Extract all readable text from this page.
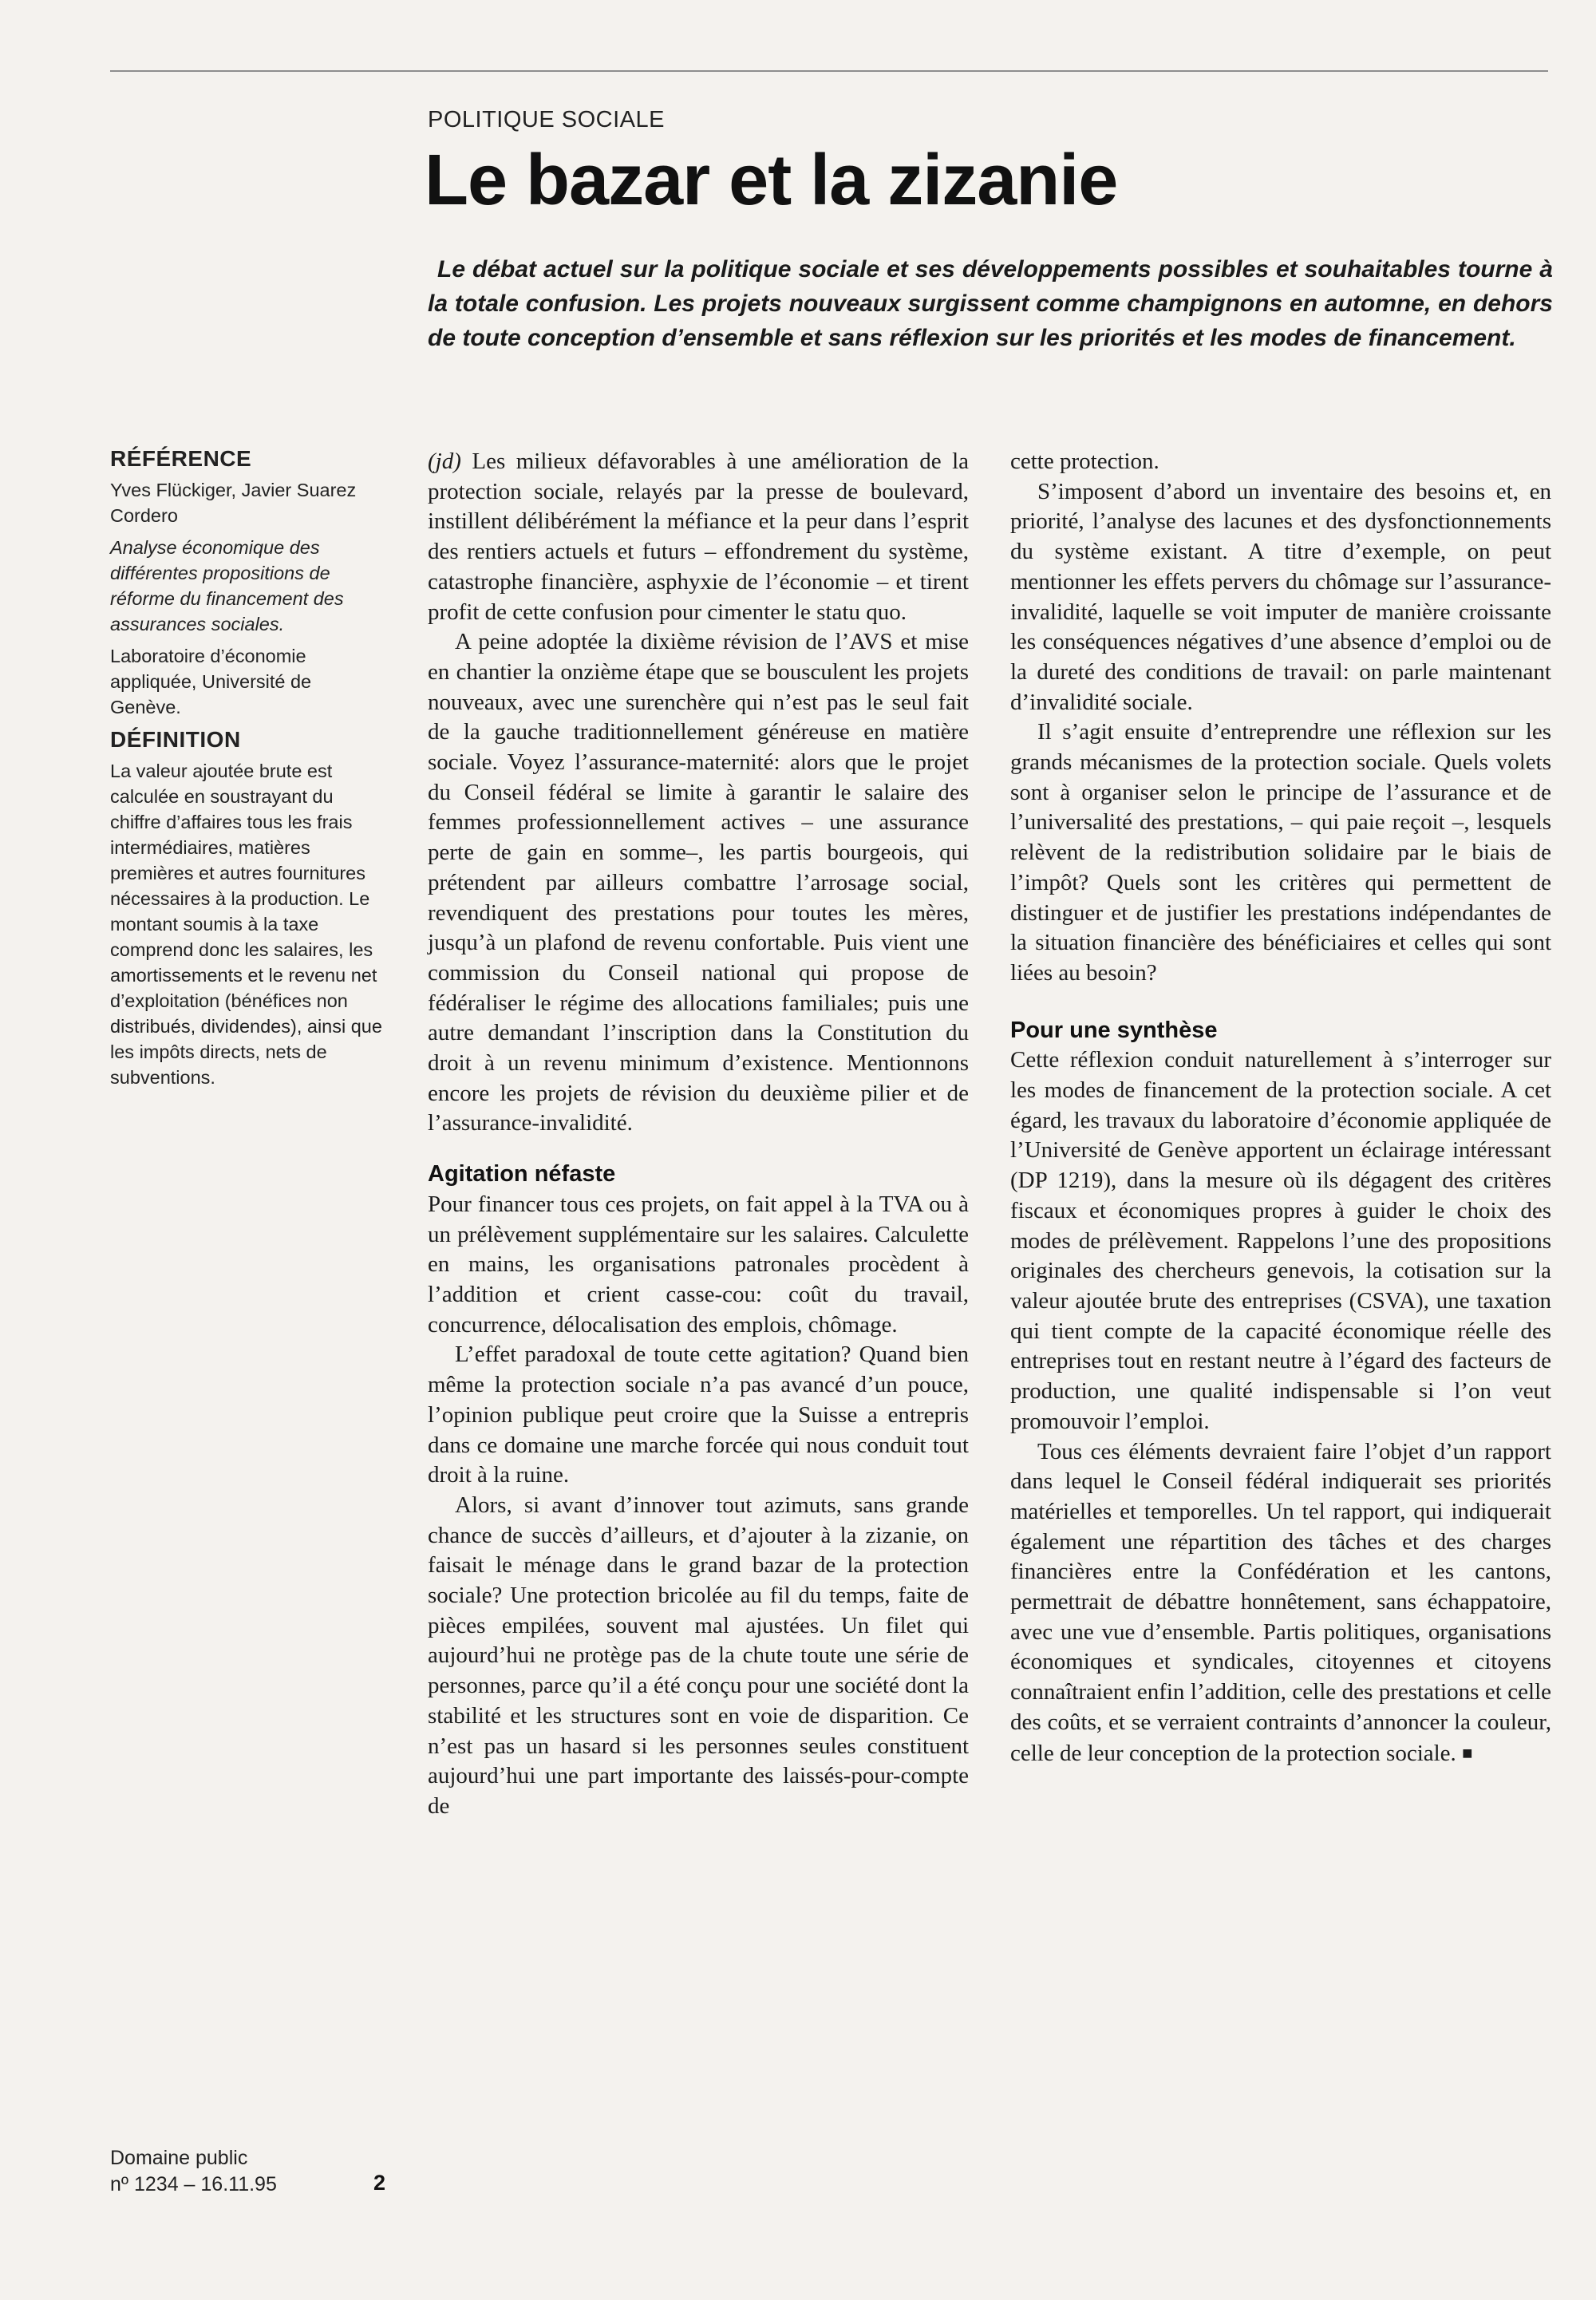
POLITIQUE SOCIALE
Le bazar et la zizanie

Le débat actuel sur la politique sociale et ses développements possibles et souhaitables tourne à la totale confusion. Les projets nouveaux surgissent comme champignons en automne, en dehors de toute conception d’ensemble et sans réflexion sur les priorités et les modes de financement.

RÉFÉRENCE

Yves Flückiger, Javier Suarez Cordero

Analyse économique des différentes propositions de réforme du financement des assurances sociales.

Laboratoire d’économie appliquée, Université de Genève.

DÉFINITION

La valeur ajoutée brute est calculée en soustrayant du chiffre d’affaires tous les frais intermédiaires, matières premières et autres fournitures nécessaires à la production. Le montant soumis à la taxe comprend donc les salaires, les amortissements et le revenu net d’exploitation (bénéfices non distribués, dividendes), ainsi que les impôts directs, nets de subventions.

Domaine public
nº 1234 – 16.11.95	2

(jd) Les milieux défavorables à une amélioration de la protection sociale, relayés par la presse de boulevard, instillent délibérément la méfiance et la peur dans l’esprit des rentiers actuels et futurs – effondrement du système, catastrophe financière, asphyxie de l’économie – et tirent profit de cette confusion pour cimenter le statu quo.

A peine adoptée la dixième révision de l’AVS et mise en chantier la onzième étape que se bousculent les projets nouveaux, avec une surenchère qui n’est pas le seul fait de la gauche traditionnellement généreuse en matière sociale. Voyez l’assurance-maternité: alors que le projet du Conseil fédéral se limite à garantir le salaire des femmes professionnellement actives – une assurance perte de gain en somme–, les partis bourgeois, qui prétendent par ailleurs combattre l’arrosage social, revendiquent des prestations pour toutes les mères, jusqu’à un plafond de revenu confortable. Puis vient une commission du Conseil national qui propose de fédéraliser le régime des allocations familiales; puis une autre demandant l’inscription dans la Constitution du droit à un revenu minimum d’existence. Mentionnons encore les projets de révision du deuxième pilier et de l’assurance-invalidité.

Agitation néfaste

Pour financer tous ces projets, on fait appel à la TVA ou à un prélèvement supplémentaire sur les salaires. Calculette en mains, les organisations patronales procèdent à l’addition et crient casse-cou: coût du travail, concurrence, délocalisation des emplois, chômage.

L’effet paradoxal de toute cette agitation? Quand bien même la protection sociale n’a pas avancé d’un pouce, l’opinion publique peut croire que la Suisse a entrepris dans ce domaine une marche forcée qui nous conduit tout droit à la ruine.

Alors, si avant d’innover tout azimuts, sans grande chance de succès d’ailleurs, et d’ajouter à la zizanie, on faisait le ménage dans le grand bazar de la protection sociale? Une protection bricolée au fil du temps, faite de pièces empilées, souvent mal ajustées. Un filet qui aujourd’hui ne protège pas de la chute toute une série de personnes, parce qu’il a été conçu pour une société dont la stabilité et les structures sont en voie de disparition. Ce n’est pas un hasard si les personnes seules constituent aujourd’hui une part importante des laissés-pour-compte de

cette protection.

S’imposent d’abord un inventaire des besoins et, en priorité, l’analyse des lacunes et des dysfonctionnements du système existant. A titre d’exemple, on peut mentionner les effets pervers du chômage sur l’assurance-invalidité, laquelle se voit imputer de manière croissante les conséquences négatives d’une absence d’emploi ou de la dureté des conditions de travail: on parle maintenant d’invalidité sociale.

Il s’agit ensuite d’entreprendre une réflexion sur les grands mécanismes de la protection sociale. Quels volets sont à organiser selon le principe de l’assurance et de l’universalité des prestations, – qui paie reçoit –, lesquels relèvent de la redistribution solidaire par le biais de l’impôt? Quels sont les critères qui permettent de distinguer et de justifier les prestations indépendantes de la situation financière des bénéficiaires et celles qui sont liées au besoin?

Pour une synthèse

Cette réflexion conduit naturellement à s’interroger sur les modes de financement de la protection sociale. A cet égard, les travaux du laboratoire d’économie appliquée de l’Université de Genève apportent un éclairage intéressant (DP 1219), dans la mesure où ils dégagent des critères fiscaux et économiques propres à guider le choix des modes de prélèvement. Rappelons l’une des propositions originales des chercheurs genevois, la cotisation sur la valeur ajoutée brute des entreprises (CSVA), une taxation qui tient compte de la capacité économique réelle des entreprises tout en restant neutre à l’égard des facteurs de production, une qualité indispensable si l’on veut promouvoir l’emploi.

Tous ces éléments devraient faire l’objet d’un rapport dans lequel le Conseil fédéral indiquerait ses priorités matérielles et temporelles. Un tel rapport, qui indiquerait également une répartition des tâches et des charges financières entre la Confédération et les cantons, permettrait de débattre honnêtement, sans échappatoire, avec une vue d’ensemble. Partis politiques, organisations économiques et syndicales, citoyennes et citoyens connaîtraient enfin l’addition, celle des prestations et celle des coûts, et se verraient contraints d’annoncer la couleur, celle de leur conception de la protection sociale. ■
